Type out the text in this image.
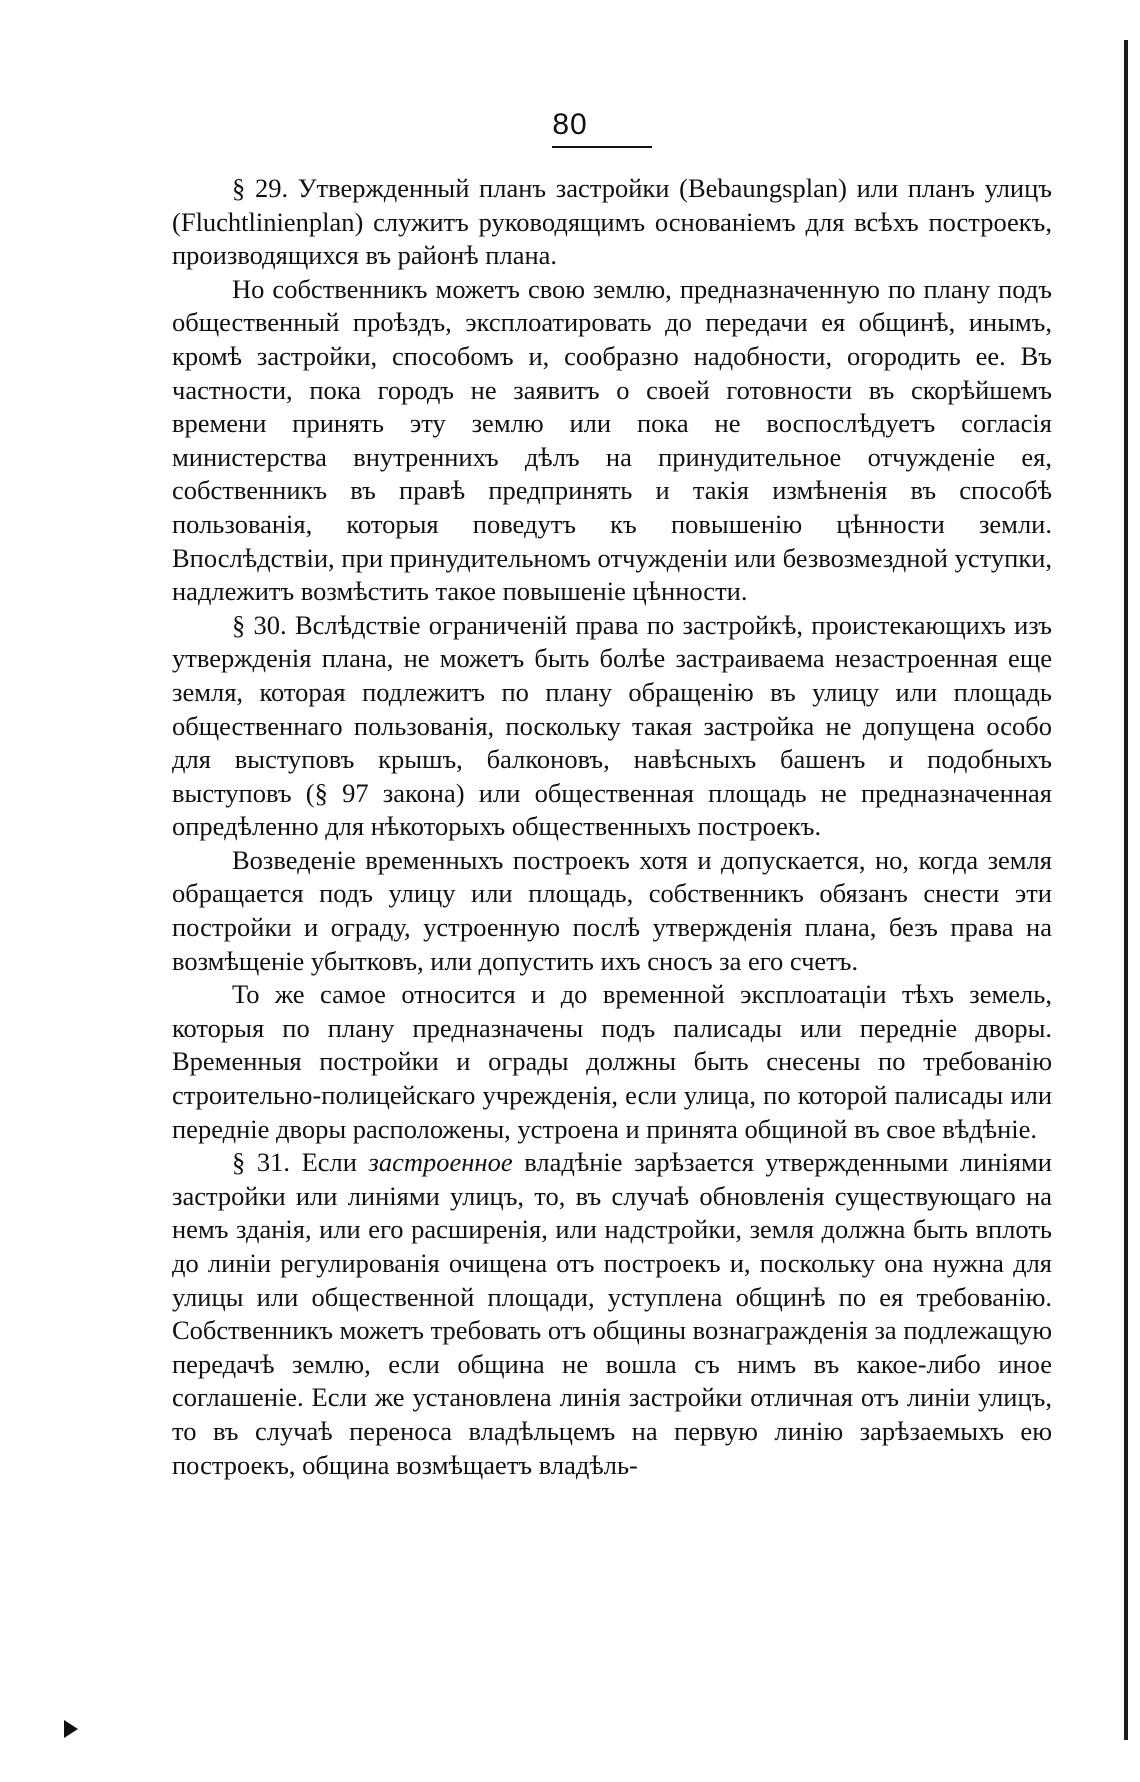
80

§ 29. Утвержденный планъ застройки (Bebaungsplan) или планъ улицъ (Fluchtlinienplan) служитъ руководящимъ основанiемъ для всѣхъ построекъ, производящихся въ районѣ плана.

Но собственникъ можетъ свою землю, предназначенную по плану подъ общественный проѣздъ, эксплоатировать до передачи ея общинѣ, инымъ, кромѣ застройки, способомъ и, сообразно надобности, огородить ее. Въ частности, пока городъ не заявитъ о своей готовности въ скорѣйшемъ времени принять эту землю или пока не воспослѣдуетъ согласiя министерства внутреннихъ дѣлъ на принудительное отчужденiе ея, собственникъ въ правѣ предпринять и такiя измѣненiя въ способѣ пользованiя, которыя поведутъ къ повышенiю цѣнности земли. Впослѣдствiи, при принудительномъ отчужденiи или безвозмездной уступки, надлежитъ возмѣстить такое повышенiе цѣнности.

§ 30. Вслѣдствiе ограниченiй права по застройкѣ, проистекающихъ изъ утвержденiя плана, не можетъ быть болѣе застраиваема незастроенная еще земля, которая подлежитъ по плану обращенiю въ улицу или площадь общественнаго пользованiя, поскольку такая застройка не допущена особо для выступовъ крышъ, балконовъ, навѣсныхъ башенъ и подобныхъ выступовъ (§ 97 закона) или общественная площадь не предназначенная опредѣленно для нѣкоторыхъ общественныхъ построекъ.

Возведенiе временныхъ построекъ хотя и допускается, но, когда земля обращается подъ улицу или площадь, собственникъ обязанъ снести эти постройки и ограду, устроенную послѣ утвержденiя плана, безъ права на возмѣщенiе убытковъ, или допустить ихъ сносъ за его счетъ.

То же самое относится и до временной эксплоатацiи тѣхъ земель, которыя по плану предназначены подъ палисады или переднiе дворы. Временныя постройки и ограды должны быть снесены по требованiю строительно-полицейскаго учрежденiя, если улица, по которой палисады или переднiе дворы расположены, устроена и принята общиной въ свое вѣдѣнiе.

§ 31. Если застроенное владѣнiе зарѣзается утвержденными линiями застройки или линiями улицъ, то, въ случаѣ обновленiя существующаго на немъ зданiя, или его расширенiя, или надстройки, земля должна быть вплоть до линiи регулированiя очищена отъ построекъ и, поскольку она нужна для улицы или общественной площади, уступлена общинѣ по ея требованiю. Собственникъ можетъ требовать отъ общины вознагражденiя за подлежащую передачѣ землю, если община не вошла съ нимъ въ какое-либо иное соглашенiе. Если же установлена линiя застройки отличная отъ линiи улицъ, то въ случаѣ переноса владѣльцемъ на первую линiю зарѣзаемыхъ ею построекъ, община возмѣщаетъ владѣль-
